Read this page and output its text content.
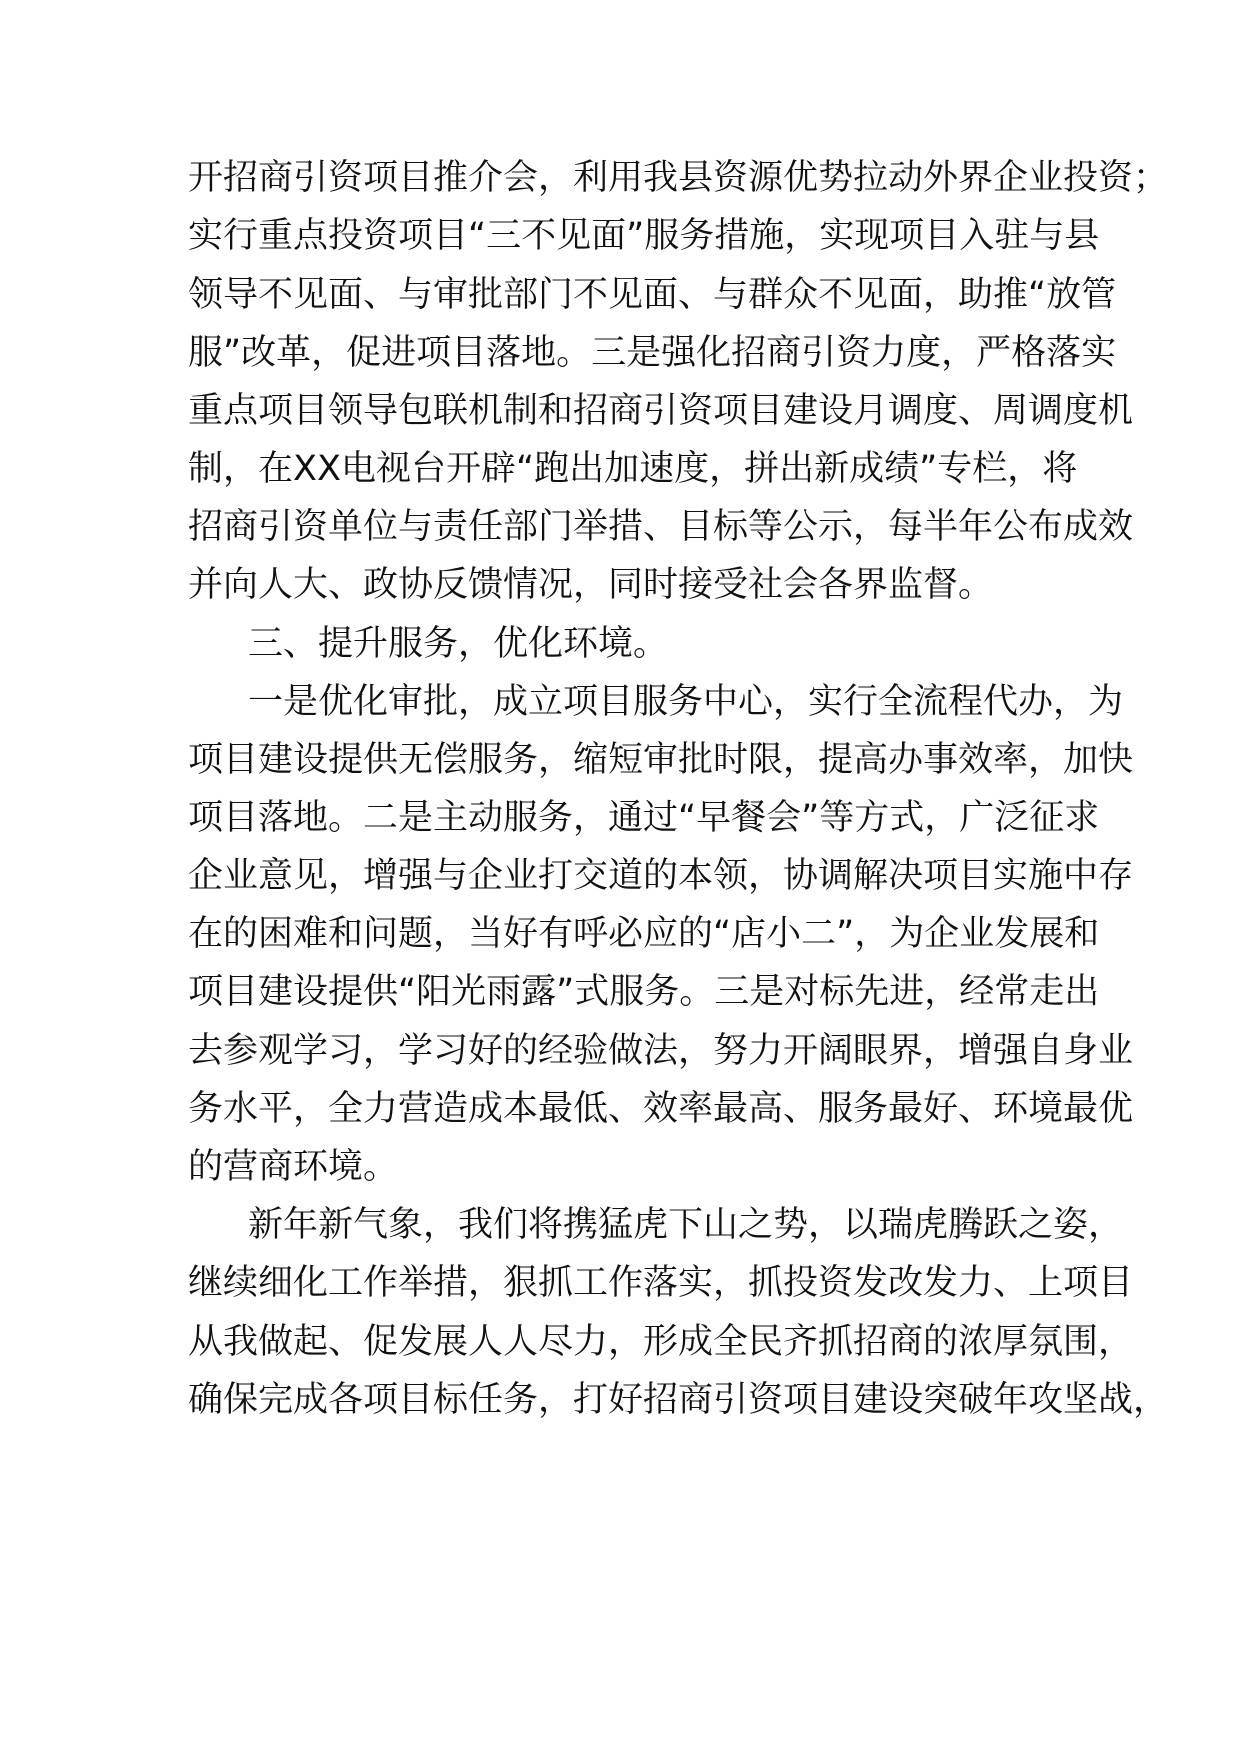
开招商引资项目推介会，利用我县资源优势拉动外界企业投资；
实行重点投资项目“三不见面”服务措施，实现项目入驻与县
领导不见面、与审批部门不见面、与群众不见面，助推“放管
服”改革，促进项目落地。三是强化招商引资力度，严格落实
重点项目领导包联机制和招商引资项目建设月调度、周调度机
制，在XX电视台开辟“跑出加速度，拼出新成绩”专栏，将
招商引资单位与责任部门举措、目标等公示，每半年公布成效
并向人大、政协反馈情况，同时接受社会各界监督。
三、提升服务，优化环境。
一是优化审批，成立项目服务中心，实行全流程代办，为
项目建设提供无偿服务，缩短审批时限，提高办事效率，加快
项目落地。二是主动服务，通过“早餐会”等方式，广泛征求
企业意见，增强与企业打交道的本领，协调解决项目实施中存
在的困难和问题，当好有呼必应的“店小二”，为企业发展和
项目建设提供“阳光雨露”式服务。三是对标先进，经常走出
去参观学习，学习好的经验做法，努力开阔眼界，增强自身业
务水平，全力营造成本最低、效率最高、服务最好、环境最优
的营商环境。
新年新气象，我们将携猛虎下山之势，以瑞虎腾跃之姿，
继续细化工作举措，狠抓工作落实，抓投资发改发力、上项目
从我做起、促发展人人尽力，形成全民齐抓招商的浓厚氛围，
确保完成各项目标任务，打好招商引资项目建设突破年攻坚战，
